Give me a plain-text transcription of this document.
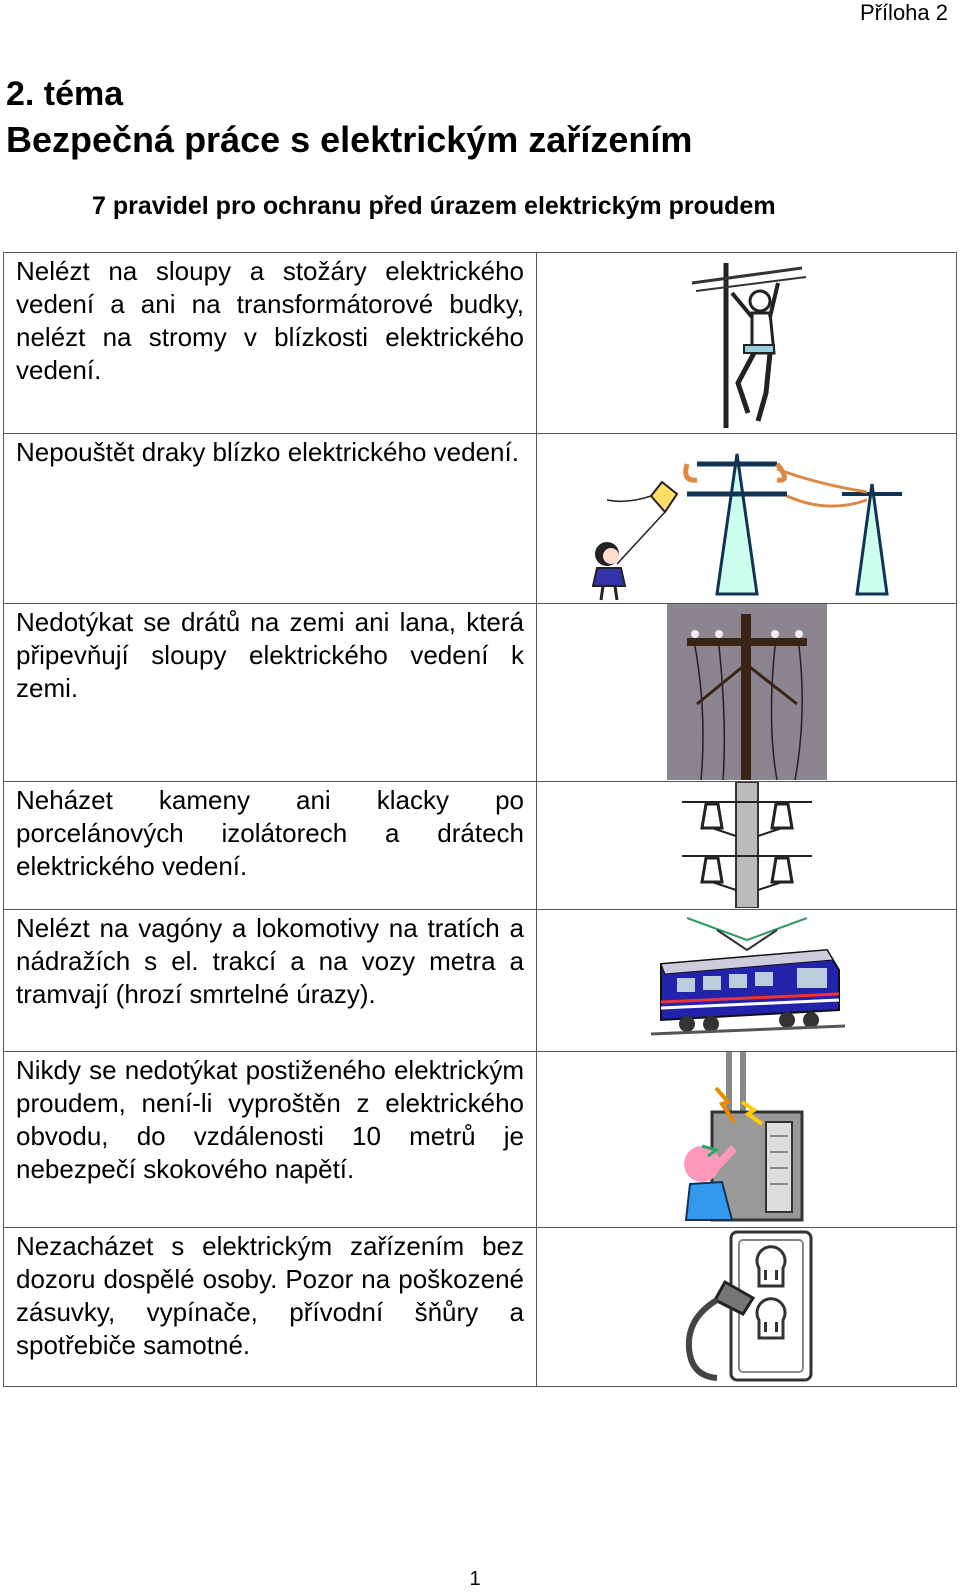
Příloha 2
2. téma
Bezpečná práce s elektrickým zařízením
7 pravidel pro ochranu před úrazem elektrickým proudem

Nelézt na sloupy a stožáry elektrického vedení a ani na transformátorové budky, nelézt na stromy v blízkosti elektrického vedení.

Nepouštět draky blízko elektrického vedení.

Nedotýkat se drátů na zemi ani lana, která připevňují sloupy elektrického vedení k zemi.

Neházet kameny ani klacky po porcelánových izolátorech a drátech elektrického vedení.

Nelézt na vagóny a lokomotivy na tratích a nádražích s el. trakcí a na vozy metra a tramvají (hrozí smrtelné úrazy).

Nikdy se nedotýkat postiženého elektrickým proudem, není-li vyproštěn z elektrického obvodu, do vzdálenosti 10 metrů je nebezpečí skokového napětí.

Nezacházet s elektrickým zařízením bez dozoru dospělé osoby. Pozor na poškozené zásuvky, vypínače, přívodní šňůry a spotřebiče samotné.

1
